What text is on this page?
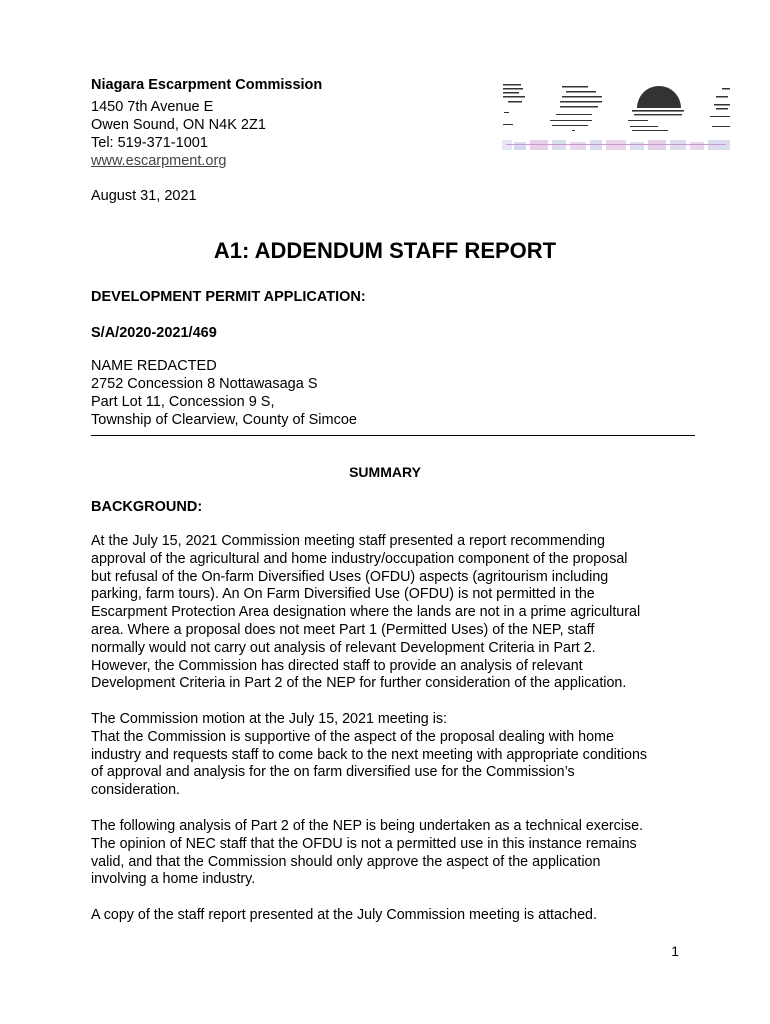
Niagara Escarpment Commission
1450 7th Avenue E
Owen Sound, ON N4K 2Z1
Tel: 519-371-1001
www.escarpment.org
August 31, 2021
A1: ADDENDUM STAFF REPORT
DEVELOPMENT PERMIT APPLICATION:
S/A/2020-2021/469
NAME REDACTED
2752 Concession 8 Nottawasaga S
Part Lot 11, Concession 9 S,
Township of Clearview, County of Simcoe
SUMMARY
BACKGROUND:
At the July 15, 2021 Commission meeting staff presented a report recommending
approval of the agricultural and home industry/occupation component of the proposal
but refusal of the On-farm Diversified Uses (OFDU) aspects (agritourism including
parking, farm tours). An On Farm Diversified Use (OFDU) is not permitted in the
Escarpment Protection Area designation where the lands are not in a prime agricultural
area. Where a proposal does not meet Part 1 (Permitted Uses) of the NEP, staff
normally would not carry out analysis of relevant Development Criteria in Part 2.
However, the Commission has directed staff to provide an analysis of relevant
Development Criteria in Part 2 of the NEP for further consideration of the application.
The Commission motion at the July 15, 2021 meeting is:
That the Commission is supportive of the aspect of the proposal dealing with home
industry and requests staff to come back to the next meeting with appropriate conditions
of approval and analysis for the on farm diversified use for the Commission’s
consideration.
The following analysis of Part 2 of the NEP is being undertaken as a technical exercise.
The opinion of NEC staff that the OFDU is not a permitted use in this instance remains
valid, and that the Commission should only approve the aspect of the application
involving a home industry.
A copy of the staff report presented at the July Commission meeting is attached.
1
